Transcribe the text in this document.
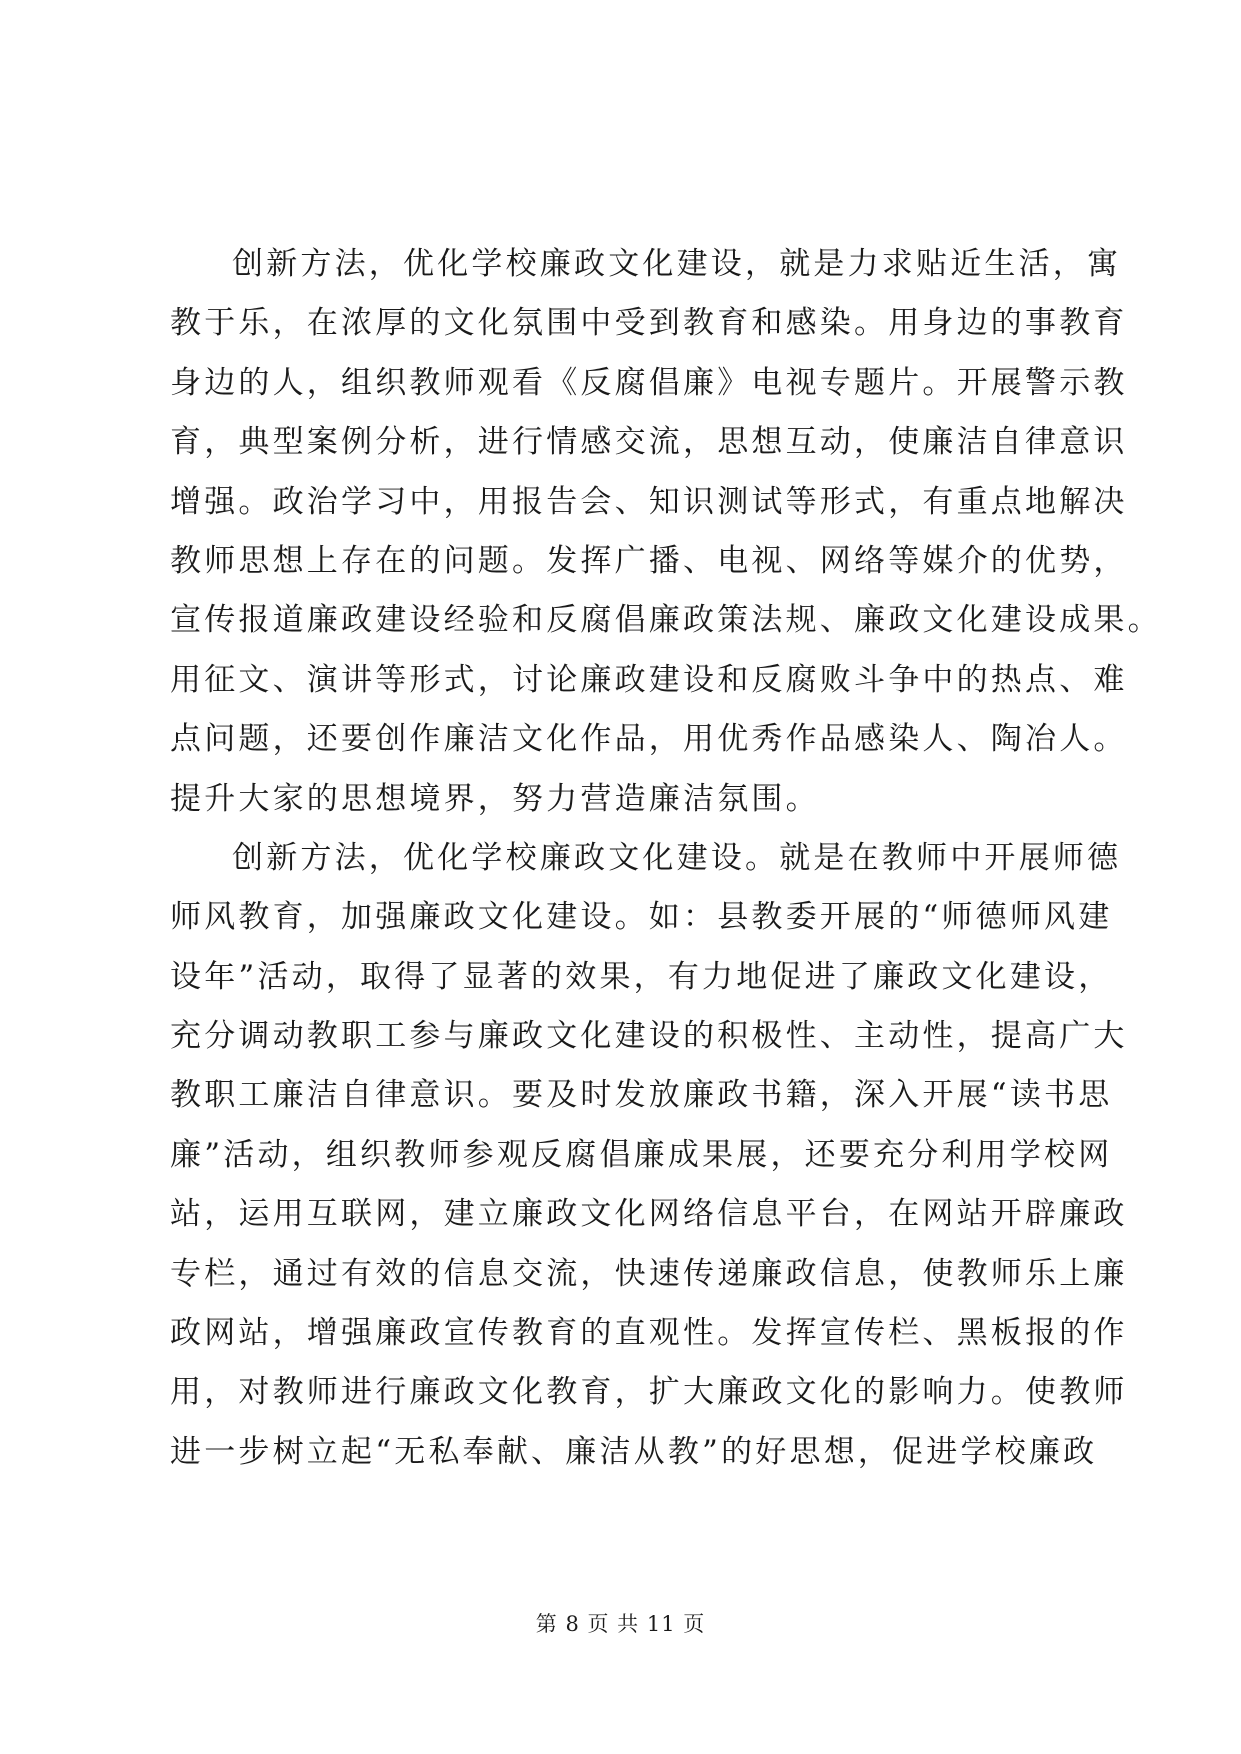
创新方法，优化学校廉政文化建设，就是力求贴近生活，寓
教于乐，在浓厚的文化氛围中受到教育和感染。用身边的事教育
身边的人，组织教师观看《反腐倡廉》电视专题片。开展警示教
育，典型案例分析，进行情感交流，思想互动，使廉洁自律意识
增强。政治学习中，用报告会、知识测试等形式，有重点地解决
教师思想上存在的问题。发挥广播、电视、网络等媒介的优势，
宣传报道廉政建设经验和反腐倡廉政策法规、廉政文化建设成果。
用征文、演讲等形式，讨论廉政建设和反腐败斗争中的热点、难
点问题，还要创作廉洁文化作品，用优秀作品感染人、陶冶人。
提升大家的思想境界，努力营造廉洁氛围。
创新方法，优化学校廉政文化建设。就是在教师中开展师德
师风教育，加强廉政文化建设。如：县教委开展的“师德师风建
设年”活动，取得了显著的效果，有力地促进了廉政文化建设，
充分调动教职工参与廉政文化建设的积极性、主动性，提高广大
教职工廉洁自律意识。要及时发放廉政书籍，深入开展“读书思
廉”活动，组织教师参观反腐倡廉成果展，还要充分利用学校网
站，运用互联网，建立廉政文化网络信息平台，在网站开辟廉政
专栏，通过有效的信息交流，快速传递廉政信息，使教师乐上廉
政网站，增强廉政宣传教育的直观性。发挥宣传栏、黑板报的作
用，对教师进行廉政文化教育，扩大廉政文化的影响力。使教师
进一步树立起“无私奉献、廉洁从教”的好思想，促进学校廉政
第 8 页 共 11 页
